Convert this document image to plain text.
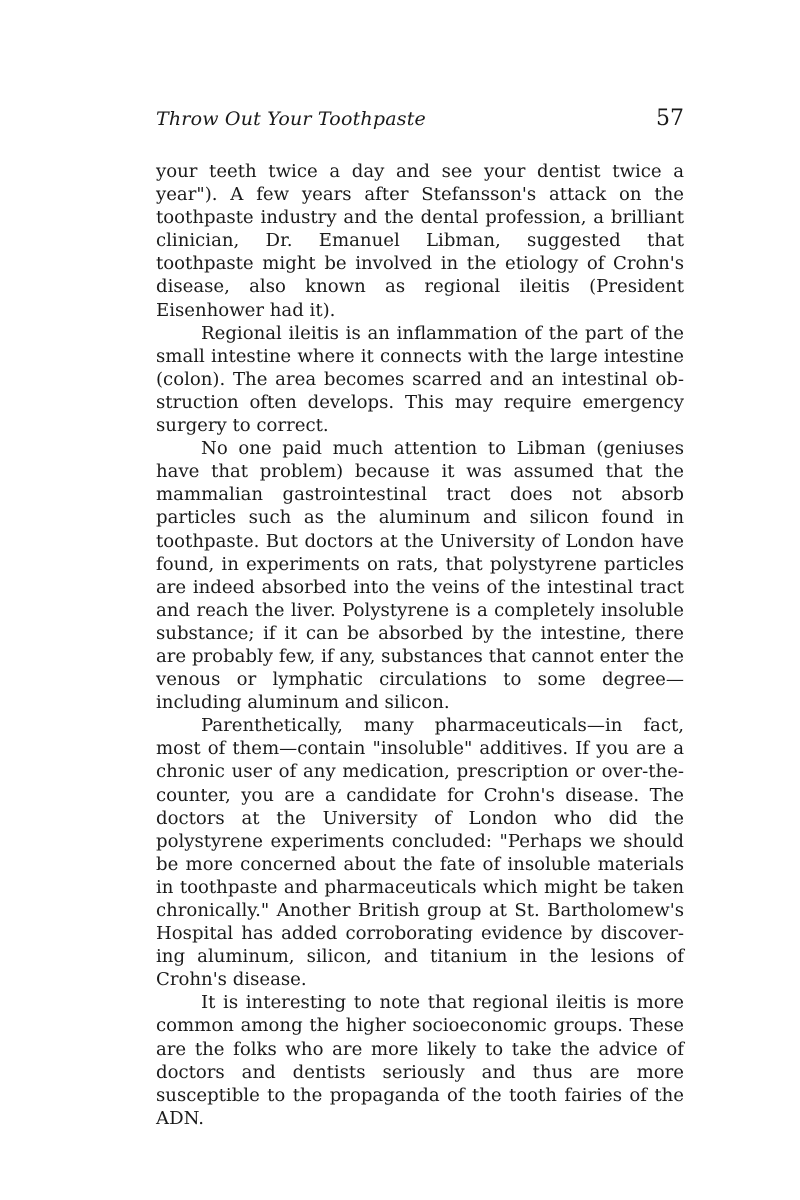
Throw Out Your Toothpaste	57

your teeth twice a day and see your dentist twice a year"). A few years after Stefansson's attack on the toothpaste industry and the dental profession, a brilliant clinician, Dr. Emanuel Libman, suggested that toothpaste might be involved in the etiology of Crohn's disease, also known as regional ileitis (President Eisenhower had it).

Regional ileitis is an inflammation of the part of the small intestine where it connects with the large intestine (colon). The area becomes scarred and an intestinal obstruction often develops. This may require emergency surgery to correct.

No one paid much attention to Libman (geniuses have that problem) because it was assumed that the mammalian gastrointestinal tract does not absorb particles such as the aluminum and silicon found in toothpaste. But doctors at the University of London have found, in experiments on rats, that polystyrene particles are indeed absorbed into the veins of the intestinal tract and reach the liver. Polystyrene is a completely insoluble substance; if it can be absorbed by the intestine, there are probably few, if any, substances that cannot enter the venous or lymphatic circulations to some degree—including aluminum and silicon.

Parenthetically, many pharmaceuticals—in fact, most of them—contain "insoluble" additives. If you are a chronic user of any medication, prescription or over-the-counter, you are a candidate for Crohn's disease. The doctors at the University of London who did the polystyrene experiments concluded: "Perhaps we should be more concerned about the fate of insoluble materials in toothpaste and pharmaceuticals which might be taken chronically." Another British group at St. Bartholomew's Hospital has added corroborating evidence by discovering aluminum, silicon, and titanium in the lesions of Crohn's disease.

It is interesting to note that regional ileitis is more common among the higher socioeconomic groups. These are the folks who are more likely to take the advice of doctors and dentists seriously and thus are more susceptible to the propaganda of the tooth fairies of the ADN.
